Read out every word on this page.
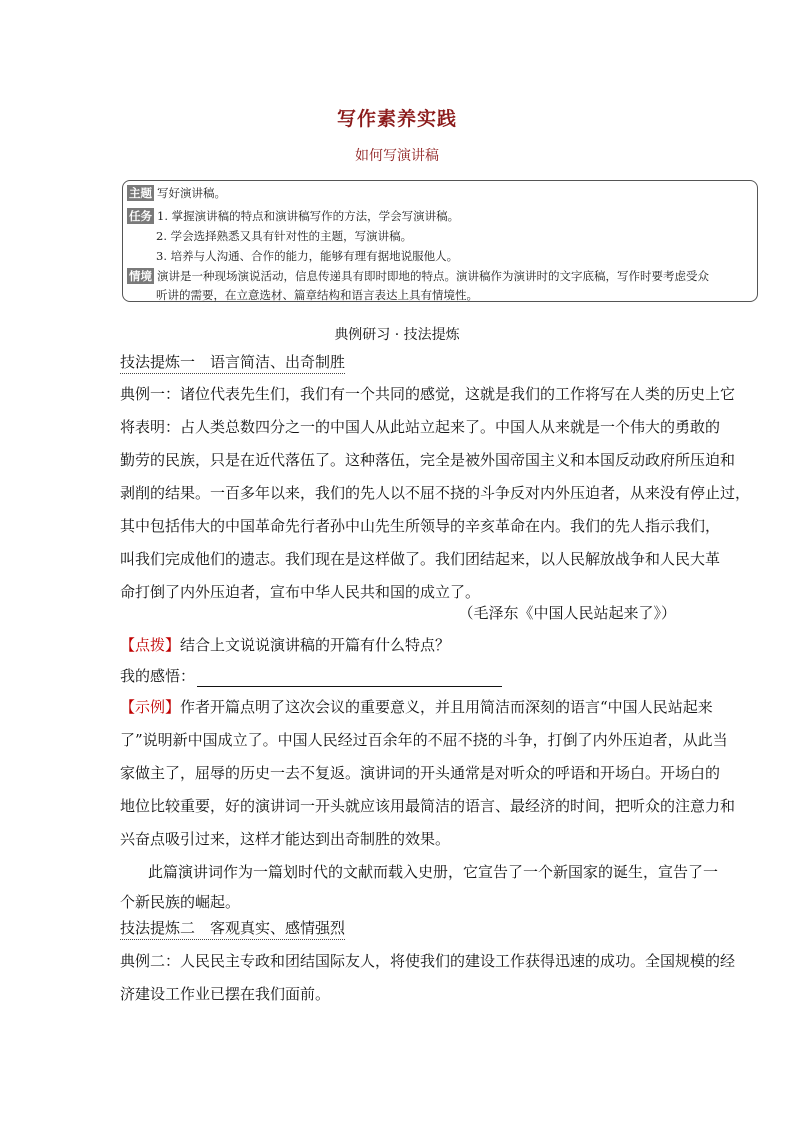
写作素养实践
如何写演讲稿
主题 写好演讲稿。
任务 1. 掌握演讲稿的特点和演讲稿写作的方法，学会写演讲稿。
2. 学会选择熟悉又具有针对性的主题，写演讲稿。
3. 培养与人沟通、合作的能力，能够有理有据地说服他人。
情境 演讲是一种现场演说活动，信息传递具有即时即地的特点。演讲稿作为演讲时的文字底稿，写作时要考虑受众
听讲的需要，在立意选材、篇章结构和语言表达上具有情境性。
典例研习 · 技法提炼
技法提炼一　语言简洁、出奇制胜
典例一：诸位代表先生们，我们有一个共同的感觉，这就是我们的工作将写在人类的历史上它
将表明：占人类总数四分之一的中国人从此站立起来了。中国人从来就是一个伟大的勇敢的
勤劳的民族，只是在近代落伍了。这种落伍，完全是被外国帝国主义和本国反动政府所压迫和
剥削的结果。一百多年以来，我们的先人以不屈不挠的斗争反对内外压迫者，从来没有停止过，
其中包括伟大的中国革命先行者孙中山先生所领导的辛亥革命在内。我们的先人指示我们，
叫我们完成他们的遗志。我们现在是这样做了。我们团结起来，以人民解放战争和人民大革
命打倒了内外压迫者，宣布中华人民共和国的成立了。
（毛泽东《中国人民站起来了》）
【点拨】结合上文说说演讲稿的开篇有什么特点？
我的感悟：
【示例】作者开篇点明了这次会议的重要意义，并且用简洁而深刻的语言“中国人民站起来
了”说明新中国成立了。中国人民经过百余年的不屈不挠的斗争，打倒了内外压迫者，从此当
家做主了，屈辱的历史一去不复返。演讲词的开头通常是对听众的呼语和开场白。开场白的
地位比较重要，好的演讲词一开头就应该用最简洁的语言、最经济的时间，把听众的注意力和
兴奋点吸引过来，这样才能达到出奇制胜的效果。
此篇演讲词作为一篇划时代的文献而载入史册，它宣告了一个新国家的诞生，宣告了一
个新民族的崛起。
技法提炼二　客观真实、感情强烈
典例二：人民民主专政和团结国际友人，将使我们的建设工作获得迅速的成功。全国规模的经
济建设工作业已摆在我们面前。
